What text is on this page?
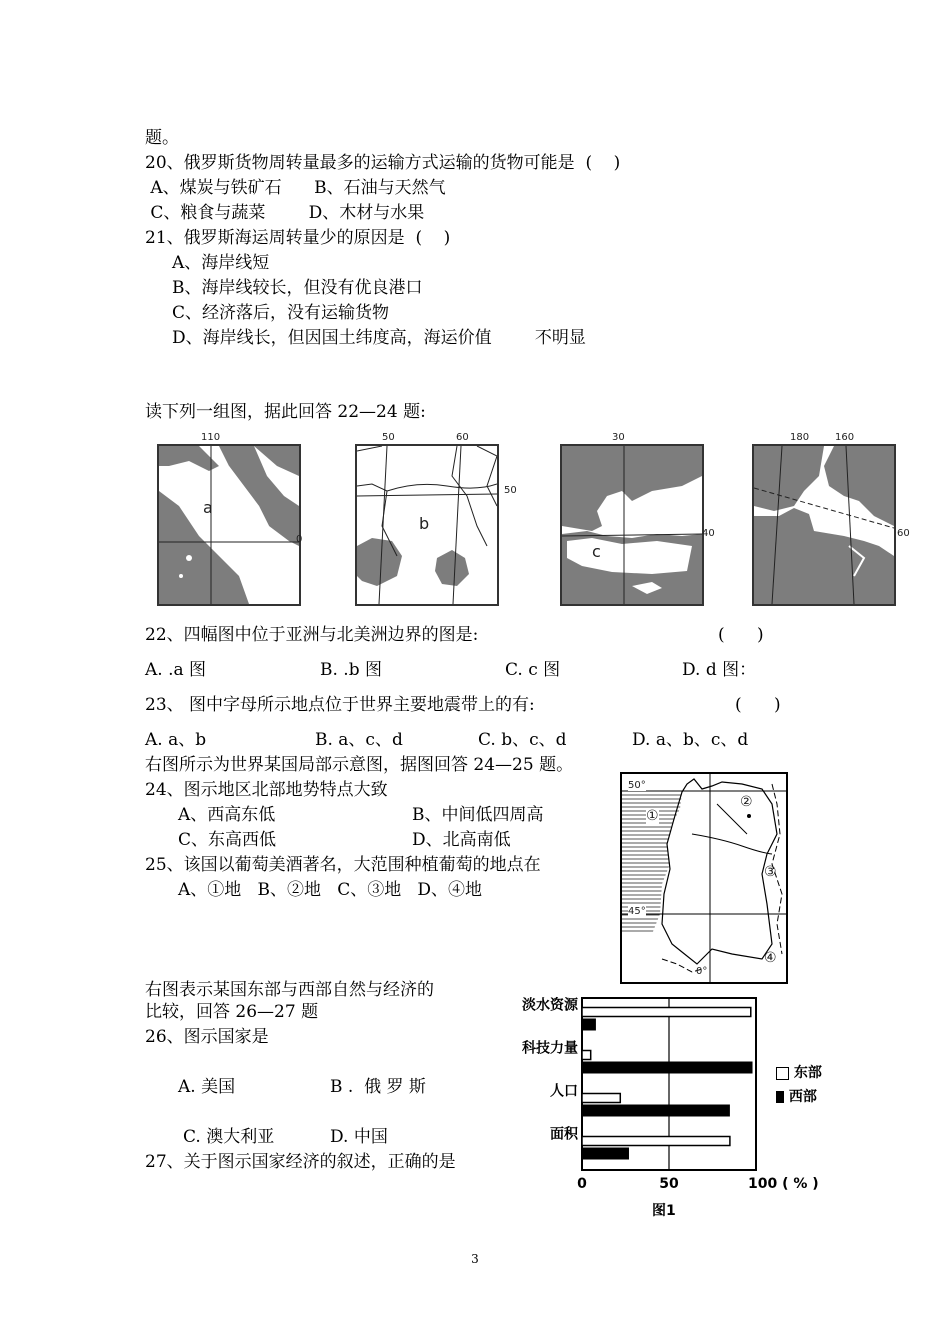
题。
20、俄罗斯货物周转量最多的运输方式运输的货物可能是  (    )
A、煤炭与铁矿石      B、石油与天然气
C、粮食与蔬菜        D、木材与水果
21、俄罗斯海运周转量少的原因是  (    )
A、海岸线短
B、海岸线较长，但没有优良港口
C、经济落后，没有运输货物
D、海岸线长，但因国土纬度高，海运价值        不明显
读下列一组图，据此回答 22—24 题:
a
110
0
b
50	60
50
c
30
40
180	160
60
22、四幅图中位于亚洲与北美洲边界的图是:	(      )
A. .a 图	B. .b 图	C. c 图	D. d 图：
23、 图中字母所示地点位于世界主要地震带上的有:	(      )
A. a、b	B. a、c、d	C. b、c、d	D. a、b、c、d
右图所示为世界某国局部示意图，据图回答 24—25 题。
24、图示地区北部地势特点大致
A、西高东低	B、中间低四周高
C、东高西低	D、北高南低
25、该国以葡萄美酒著名，大范围种植葡萄的地点在
A、①地   B、②地   C、③地   D、④地
50°
45°
0°
①
②
③
④
右图表示某国东部与西部自然与经济的
比较，回答 26—27 题
26、图示国家是
A. 美国	B .  俄 罗 斯
C. 澳大利亚	D. 中国
27、关于图示国家经济的叙述，正确的是
淡水资源
科技力量
人口
面积
0	50	100 ( % )
东部
西部
图1
3
